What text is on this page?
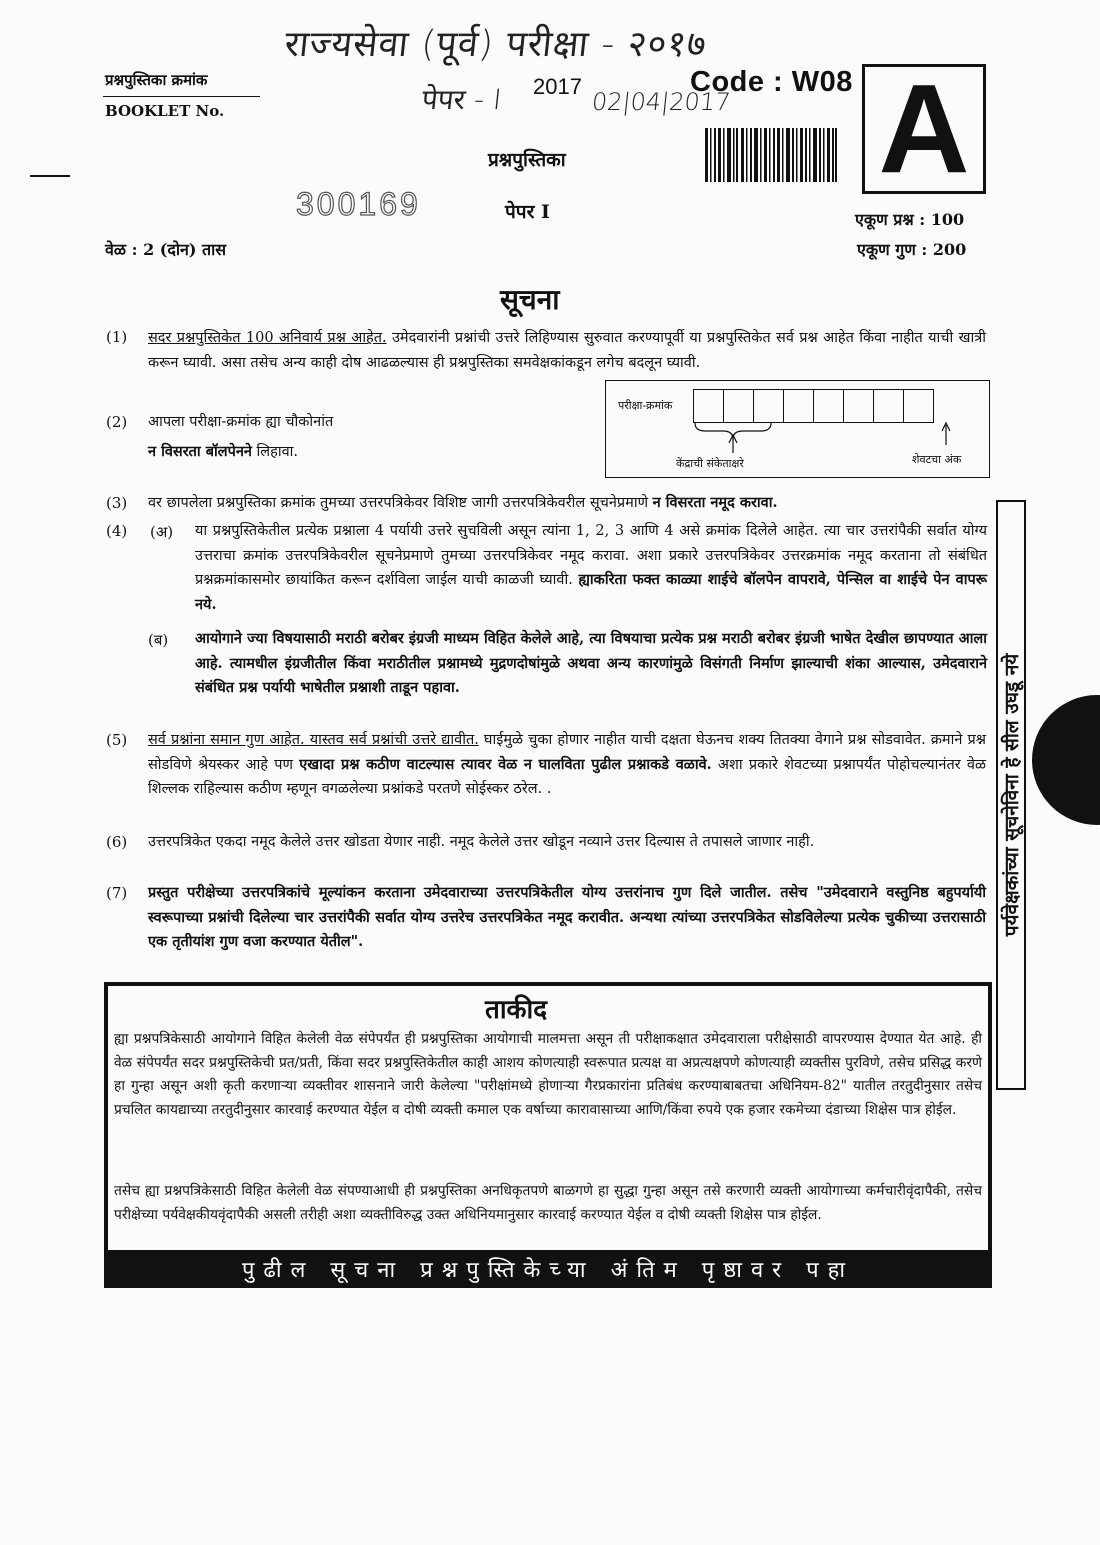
राज्यसेवा (पूर्व) परीक्षा - २०१७
पेपर - I	02|04|2017
प्रश्नपुस्तिका क्रमांक
BOOKLET No.
2017	Code : W08 A
प्रश्नपुस्तिका
300169	पेपर I	एकूण प्रश्न : 100
वेळ : 2 (दोन) तास	एकूण गुण : 200
सूचना
(1) सदर प्रश्नपुस्तिकेत 100 अनिवार्य प्रश्न आहेत. उमेदवारांनी प्रश्नांची उत्तरे लिहिण्यास सुरुवात करण्यापूर्वी या प्रश्नपुस्तिकेत सर्व प्रश्न आहेत किंवा नाहीत याची खात्री करून घ्यावी. असा तसेच अन्य काही दोष आढळल्यास ही प्रश्नपुस्तिका समवेक्षकांकडून लगेच बदलून घ्यावी.
(2) आपला परीक्षा-क्रमांक ह्या चौकोनांत
न विसरता बॉलपेनने लिहावा.
परीक्षा-क्रमांक
केंद्राची संकेताक्षरे	शेवटचा अंक
(3) वर छापलेला प्रश्नपुस्तिका क्रमांक तुमच्या उत्तरपत्रिकेवर विशिष्ट जागी उत्तरपत्रिकेवरील सूचनेप्रमाणे न विसरता नमूद करावा.
(4) (अ) या प्रश्नपुस्तिकेतील प्रत्येक प्रश्नाला 4 पर्यायी उत्तरे सुचविली असून त्यांना 1, 2, 3 आणि 4 असे क्रमांक दिलेले आहेत. त्या चार उत्तरांपैकी सर्वात योग्य उत्तराचा क्रमांक उत्तरपत्रिकेवरील सूचनेप्रमाणे तुमच्या उत्तरपत्रिकेवर नमूद करावा. अशा प्रकारे उत्तरपत्रिकेवर उत्तरक्रमांक नमूद करताना तो संबंधित प्रश्नक्रमांकासमोर छायांकित करून दर्शविला जाईल याची काळजी घ्यावी. ह्याकरिता फक्त काळ्या शाईचे बॉलपेन वापरावे, पेन्सिल वा शाईचे पेन वापरू नये.
(ब) आयोगाने ज्या विषयासाठी मराठी बरोबर इंग्रजी माध्यम विहित केलेले आहे, त्या विषयाचा प्रत्येक प्रश्न मराठी बरोबर इंग्रजी भाषेत देखील छापण्यात आला आहे. त्यामधील इंग्रजीतील किंवा मराठीतील प्रश्नामध्ये मुद्रणदोषांमुळे अथवा अन्य कारणांमुळे विसंगती निर्माण झाल्याची शंका आल्यास, उमेदवाराने संबंधित प्रश्न पर्यायी भाषेतील प्रश्नाशी ताडून पहावा.
(5) सर्व प्रश्नांना समान गुण आहेत. यास्तव सर्व प्रश्नांची उत्तरे द्यावीत. घाईमुळे चुका होणार नाहीत याची दक्षता घेऊनच शक्य तितक्या वेगाने प्रश्न सोडवावेत. क्रमाने प्रश्न सोडविणे श्रेयस्कर आहे पण एखादा प्रश्न कठीण वाटल्यास त्यावर वेळ न घालविता पुढील प्रश्नाकडे वळावे. अशा प्रकारे शेवटच्या प्रश्नापर्यंत पोहोचल्यानंतर वेळ शिल्लक राहिल्यास कठीण म्हणून वगळलेल्या प्रश्नांकडे परतणे सोईस्कर ठरेल. .
(6) उत्तरपत्रिकेत एकदा नमूद केलेले उत्तर खोडता येणार नाही. नमूद केलेले उत्तर खोडून नव्याने उत्तर दिल्यास ते तपासले जाणार नाही.
(7) प्रस्तुत परीक्षेच्या उत्तरपत्रिकांचे मूल्यांकन करताना उमेदवाराच्या उत्तरपत्रिकेतील योग्य उत्तरांनाच गुण दिले जातील. तसेच "उमेदवाराने वस्तुनिष्ठ बहुपर्यायी स्वरूपाच्या प्रश्नांची दिलेल्या चार उत्तरांपैकी सर्वात योग्य उत्तरेच उत्तरपत्रिकेत नमूद करावीत. अन्यथा त्यांच्या उत्तरपत्रिकेत सोडविलेल्या प्रत्येक चुकीच्या उत्तरासाठी एक तृतीयांश गुण वजा करण्यात येतील".
ताकीद
ह्या प्रश्नपत्रिकेसाठी आयोगाने विहित केलेली वेळ संपेपर्यंत ही प्रश्नपुस्तिका आयोगाची मालमत्ता असून ती परीक्षाकक्षात उमेदवाराला परीक्षेसाठी वापरण्यास देण्यात येत आहे. ही वेळ संपेपर्यंत सदर प्रश्नपुस्तिकेची प्रत/प्रती, किंवा सदर प्रश्नपुस्तिकेतील काही आशय कोणत्याही स्वरूपात प्रत्यक्ष वा अप्रत्यक्षपणे कोणत्याही व्यक्तीस पुरविणे, तसेच प्रसिद्ध करणे हा गुन्हा असून अशी कृती करणाऱ्या व्यक्तीवर शासनाने जारी केलेल्या "परीक्षांमध्ये होणाऱ्या गैरप्रकारांना प्रतिबंध करण्याबाबतचा अधिनियम-82" यातील तरतुदीनुसार तसेच प्रचलित कायद्याच्या तरतुदीनुसार कारवाई करण्यात येईल व दोषी व्यक्ती कमाल एक वर्षाच्या कारावासाच्या आणि/किंवा रुपये एक हजार रकमेच्या दंडाच्या शिक्षेस पात्र होईल.
तसेच ह्या प्रश्नपत्रिकेसाठी विहित केलेली वेळ संपण्याआधी ही प्रश्नपुस्तिका अनधिकृतपणे बाळगणे हा सुद्धा गुन्हा असून तसे करणारी व्यक्ती आयोगाच्या कर्मचारीवृंदापैकी, तसेच परीक्षेच्या पर्यवेक्षकीयवृंदापैकी असली तरीही अशा व्यक्तीविरुद्ध उक्त अधिनियमानुसार कारवाई करण्यात येईल व दोषी व्यक्ती शिक्षेस पात्र होईल.
पुढील सूचना प्रश्नपुस्तिकेच्या अंतिम पृष्ठावर पहा
पर्यवेक्षकांच्या सूचनेविना हे सील उघडू नये
